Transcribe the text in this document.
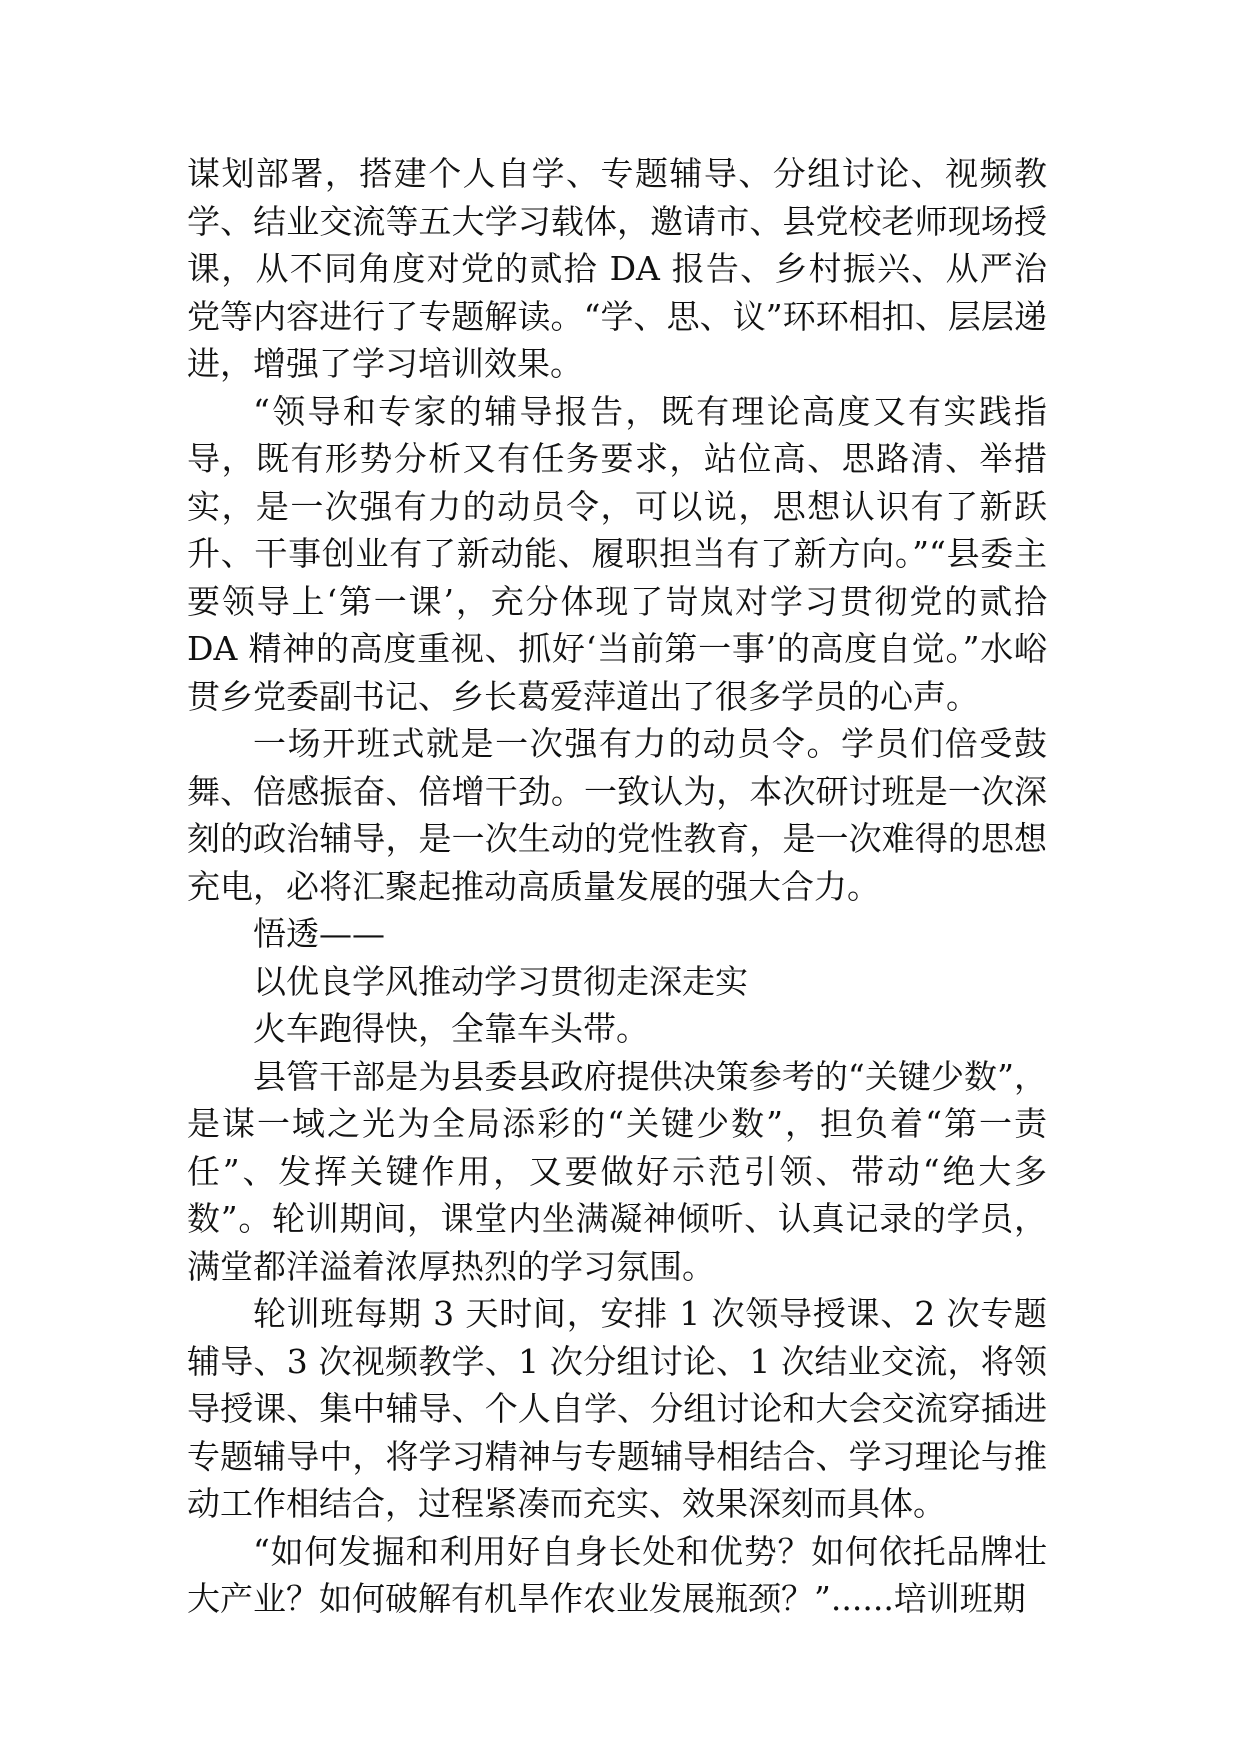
谋划部署，搭建个人自学、专题辅导、分组讨论、视频教学、结业交流等五大学习载体，邀请市、县党校老师现场授课，从不同角度对党的贰拾 DA 报告、乡村振兴、从严治党等内容进行了专题解读。“学、思、议”环环相扣、层层递进，增强了学习培训效果。

“领导和专家的辅导报告，既有理论高度又有实践指导，既有形势分析又有任务要求，站位高、思路清、举措实，是一次强有力的动员令，可以说，思想认识有了新跃升、干事创业有了新动能、履职担当有了新方向。”“县委主要领导上‘第一课’，充分体现了岢岚对学习贯彻党的贰拾 DA 精神的高度重视、抓好‘当前第一事’的高度自觉。”水峪贯乡党委副书记、乡长葛爱萍道出了很多学员的心声。

一场开班式就是一次强有力的动员令。学员们倍受鼓舞、倍感振奋、倍增干劲。一致认为，本次研讨班是一次深刻的政治辅导，是一次生动的党性教育，是一次难得的思想充电，必将汇聚起推动高质量发展的强大合力。

悟透——

以优良学风推动学习贯彻走深走实

火车跑得快，全靠车头带。

县管干部是为县委县政府提供决策参考的“关键少数”，是谋一域之光为全局添彩的“关键少数”，担负着“第一责任”、发挥关键作用，又要做好示范引领、带动“绝大多数”。轮训期间，课堂内坐满凝神倾听、认真记录的学员，满堂都洋溢着浓厚热烈的学习氛围。

轮训班每期 3 天时间，安排 1 次领导授课、2 次专题辅导、3 次视频教学、1 次分组讨论、1 次结业交流，将领导授课、集中辅导、个人自学、分组讨论和大会交流穿插进专题辅导中，将学习精神与专题辅导相结合、学习理论与推动工作相结合，过程紧凑而充实、效果深刻而具体。

“如何发掘和利用好自身长处和优势？如何依托品牌壮大产业？如何破解有机旱作农业发展瓶颈？”......培训班期
